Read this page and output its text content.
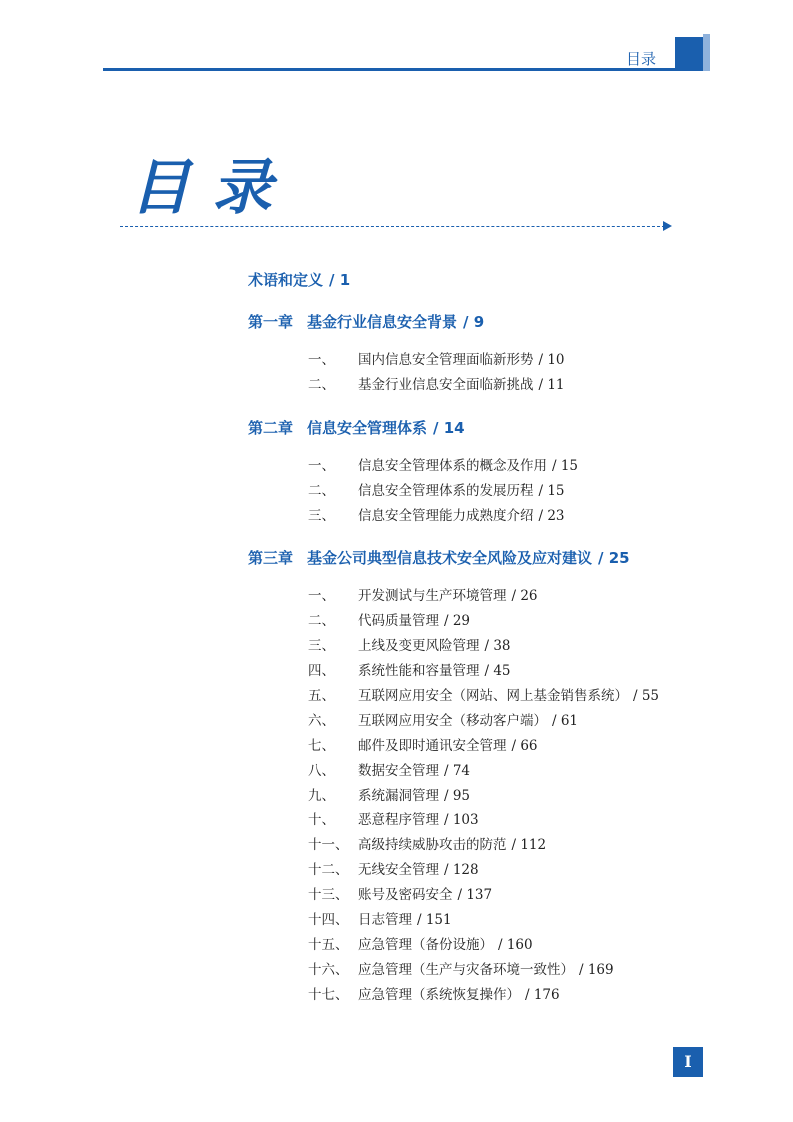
目录
目录
术语和定义 / 1
第一章 基金行业信息安全背景 / 9
一、 国内信息安全管理面临新形势 / 10
二、 基金行业信息安全面临新挑战 / 11
第二章 信息安全管理体系 / 14
一、 信息安全管理体系的概念及作用 / 15
二、 信息安全管理体系的发展历程 / 15
三、 信息安全管理能力成熟度介绍 / 23
第三章 基金公司典型信息技术安全风险及应对建议 / 25
一、 开发测试与生产环境管理 / 26
二、 代码质量管理 / 29
三、 上线及变更风险管理 / 38
四、 系统性能和容量管理 / 45
五、 互联网应用安全（网站、网上基金销售系统） / 55
六、 互联网应用安全（移动客户端） / 61
七、 邮件及即时通讯安全管理 / 66
八、 数据安全管理 / 74
九、 系统漏洞管理 / 95
十、 恶意程序管理 / 103
十一、 高级持续威胁攻击的防范 / 112
十二、 无线安全管理 / 128
十三、 账号及密码安全 / 137
十四、 日志管理 / 151
十五、 应急管理（备份设施） / 160
十六、 应急管理（生产与灾备环境一致性） / 169
十七、 应急管理（系统恢复操作） / 176
I
